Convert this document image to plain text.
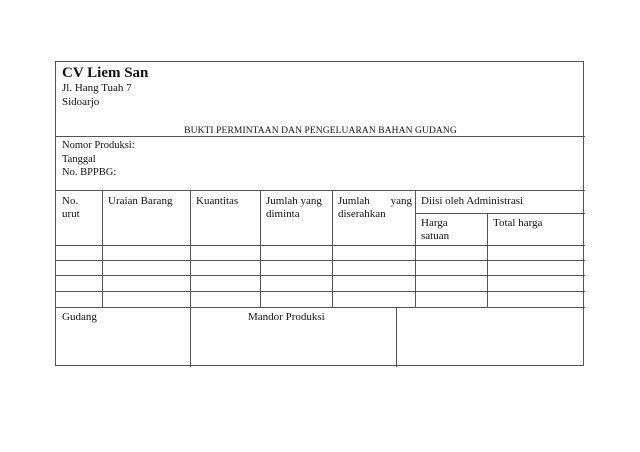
CV Liem San
Jl. Hang Tuah 7
Sidoarjo
BUKTI PERMINTAAN DAN PENGELUARAN BAHAN GUDANG
Nomor Produksi:
Tanggal
No. BPPBG:
No. urut
Uraian Barang Kuantitas	Jumlah yang diminta
Jumlah yang diserahkan
Diisi oleh Administrasi
Harga satuan
Total harga
Gudang	Mandor Produksi
